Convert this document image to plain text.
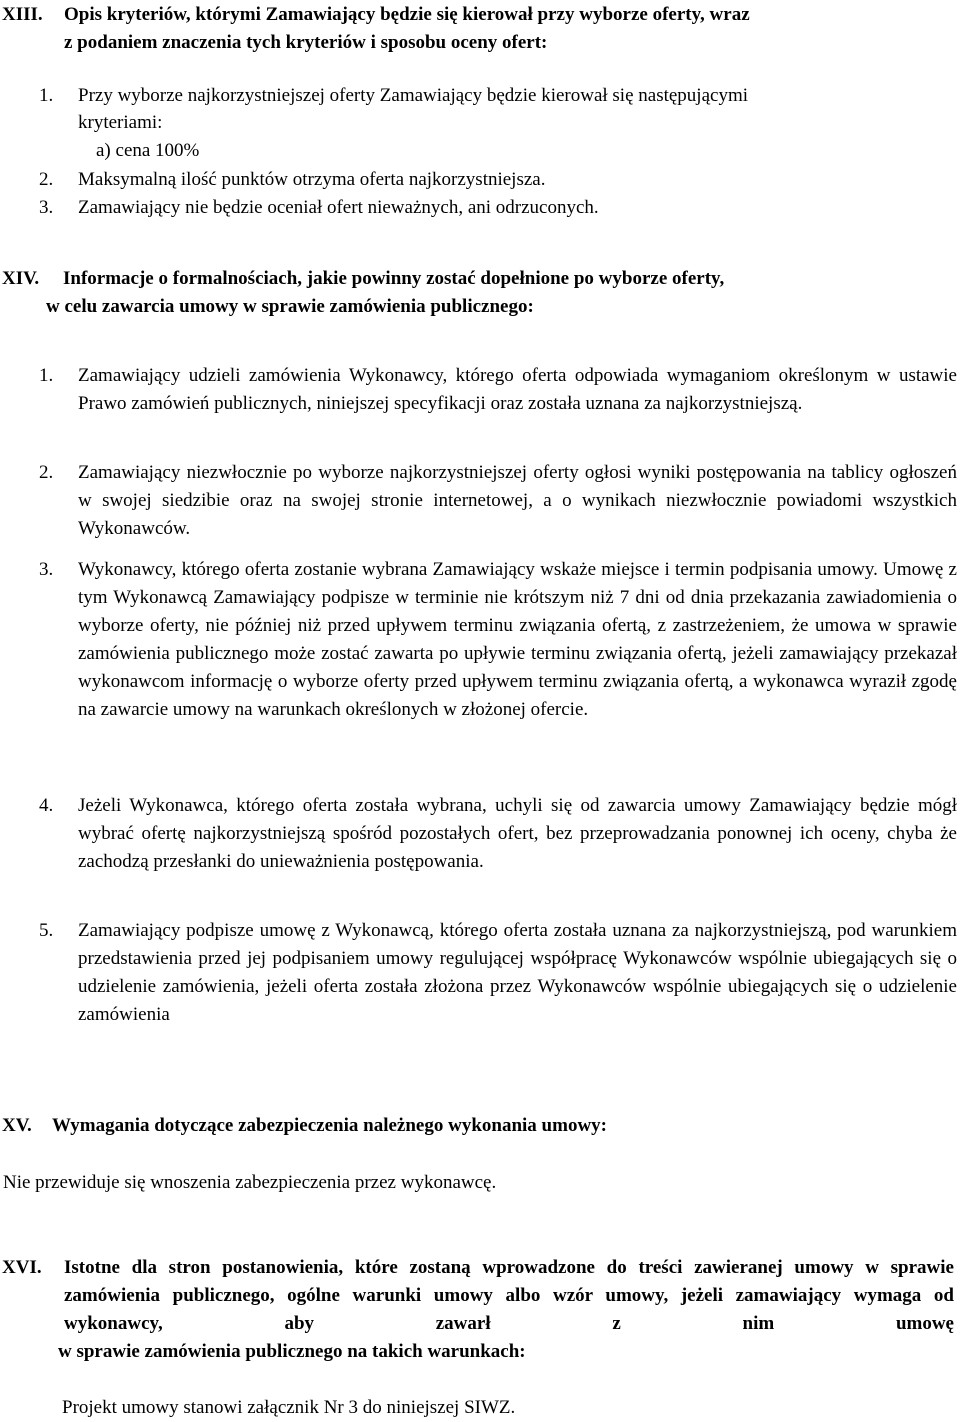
XIII. Opis kryteriów, którymi Zamawiający będzie się kierował przy wyborze oferty, wraz
z podaniem znaczenia tych kryteriów i sposobu oceny ofert:
1. Przy wyborze najkorzystniejszej oferty Zamawiający będzie kierował się następującymi
kryteriami:
a) cena 100%
2. Maksymalną ilość punktów otrzyma oferta najkorzystniejsza.
3. Zamawiający nie będzie oceniał ofert nieważnych, ani odrzuconych.
XIV. Informacje o formalnościach, jakie powinny zostać dopełnione po wyborze oferty,
w celu zawarcia umowy w sprawie zamówienia publicznego:
1. Zamawiający udzieli zamówienia Wykonawcy, którego oferta odpowiada wymaganiom określonym w ustawie Prawo zamówień publicznych, niniejszej specyfikacji oraz została uznana za najkorzystniejszą.
2. Zamawiający niezwłocznie po wyborze najkorzystniejszej oferty ogłosi wyniki postępowania na tablicy ogłoszeń w swojej siedzibie oraz na swojej stronie internetowej, a o wynikach niezwłocznie powiadomi wszystkich Wykonawców.
3. Wykonawcy, którego oferta zostanie wybrana Zamawiający wskaże miejsce i termin podpisania umowy. Umowę z tym Wykonawcą Zamawiający podpisze w terminie nie krótszym niż 7 dni od dnia przekazania zawiadomienia o wyborze oferty, nie później niż przed upływem terminu związania ofertą, z zastrzeżeniem, że umowa w sprawie zamówienia publicznego może zostać zawarta po upływie terminu związania ofertą, jeżeli zamawiający przekazał wykonawcom informację o wyborze oferty przed upływem terminu związania ofertą, a wykonawca wyraził zgodę na zawarcie umowy na warunkach określonych w złożonej ofercie.
4. Jeżeli Wykonawca, którego oferta została wybrana, uchyli się od zawarcia umowy Zamawiający będzie mógł wybrać ofertę najkorzystniejszą spośród pozostałych ofert, bez przeprowadzania ponownej ich oceny, chyba że zachodzą przesłanki do unieważnienia postępowania.
5. Zamawiający podpisze umowę z Wykonawcą, którego oferta została uznana za najkorzystniejszą, pod warunkiem przedstawienia przed jej podpisaniem umowy regulującej współpracę Wykonawców wspólnie ubiegających się o udzielenie zamówienia, jeżeli oferta została złożona przez Wykonawców wspólnie ubiegających się o udzielenie zamówienia
XV. Wymagania dotyczące zabezpieczenia należnego wykonania umowy:
Nie przewiduje się wnoszenia zabezpieczenia przez wykonawcę.
XVI. Istotne dla stron postanowienia, które zostaną wprowadzone do treści zawieranej umowy w sprawie zamówienia publicznego, ogólne warunki umowy albo wzór umowy, jeżeli zamawiający wymaga od wykonawcy, aby zawarł z nim umowę
w sprawie zamówienia publicznego na takich warunkach:
Projekt umowy stanowi załącznik Nr 3 do niniejszej SIWZ.
